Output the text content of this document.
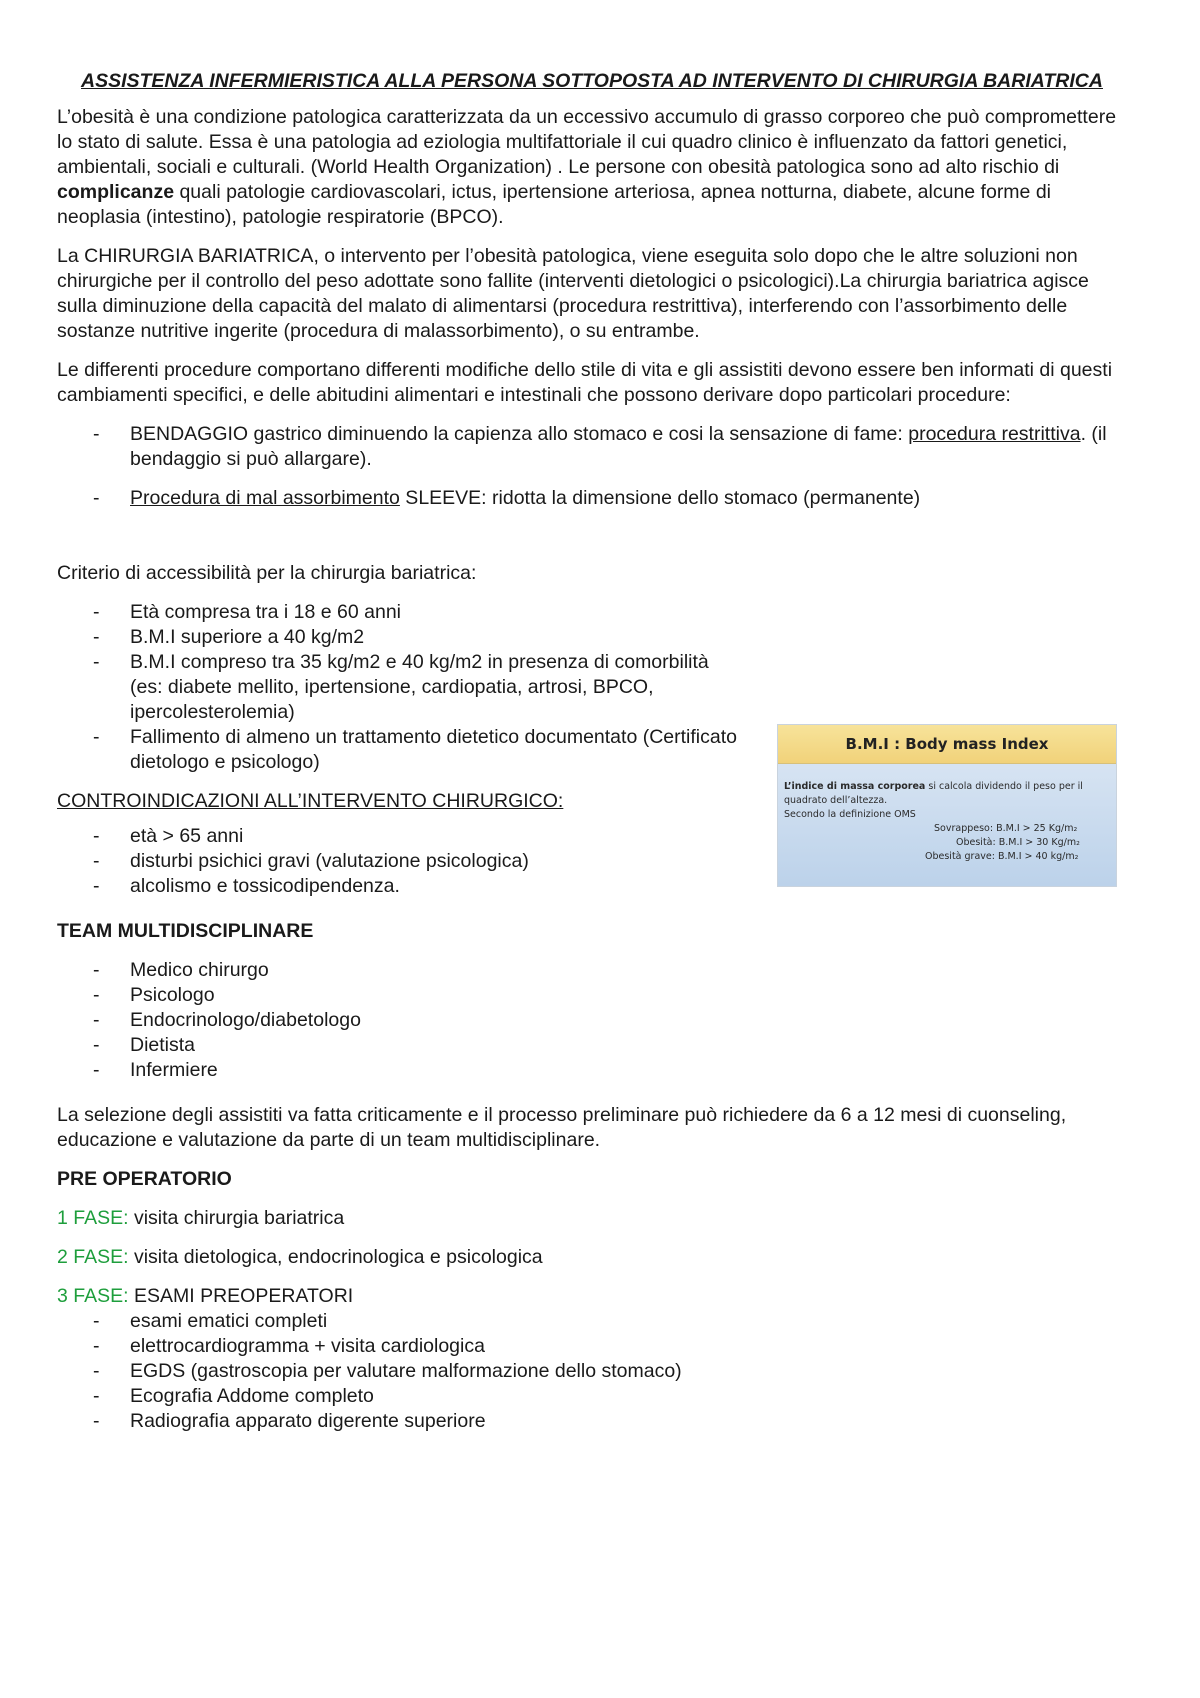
ASSISTENZA INFERMIERISTICA ALLA PERSONA SOTTOPOSTA AD INTERVENTO DI CHIRURGIA BARIATRICA

L’obesità è una condizione patologica caratterizzata da un eccessivo accumulo di grasso corporeo che può compromettere lo stato di salute. Essa è una patologia ad eziologia multifattoriale il cui quadro clinico è influenzato da fattori genetici, ambientali, sociali e culturali. (World Health Organization) . Le persone con obesità patologica sono ad alto rischio di complicanze quali patologie cardiovascolari, ictus, ipertensione arteriosa, apnea notturna, diabete, alcune forme di neoplasia (intestino), patologie respiratorie (BPCO).

La CHIRURGIA BARIATRICA, o intervento per l’obesità patologica, viene eseguita solo dopo che le altre soluzioni non chirurgiche per il controllo del peso adottate sono fallite (interventi dietologici o psicologici).La chirurgia bariatrica agisce sulla diminuzione della capacità del malato di alimentarsi (procedura restrittiva), interferendo con l’assorbimento delle sostanze nutritive ingerite (procedura di malassorbimento), o su entrambe.

Le differenti procedure comportano differenti modifiche dello stile di vita e gli assistiti devono essere ben informati di questi cambiamenti specifici, e delle abitudini alimentari e intestinali che possono derivare dopo particolari procedure:

- BENDAGGIO gastrico diminuendo la capienza allo stomaco e cosi la sensazione di fame: procedura restrittiva. (il bendaggio si può allargare).
- Procedura di mal assorbimento SLEEVE: ridotta la dimensione dello stomaco (permanente)

Criterio di accessibilità per la chirurgia bariatrica:

- Età compresa tra i 18 e 60 anni
- B.M.I superiore a 40 kg/m2
- B.M.I compreso tra 35 kg/m2 e 40 kg/m2 in presenza di comorbilità (es: diabete mellito, ipertensione, cardiopatia, artrosi, BPCO, ipercolesterolemia)
- Fallimento di almeno un trattamento dietetico documentato (Certificato dietologo e psicologo)

CONTROINDICAZIONI ALL’INTERVENTO CHIRURGICO:

- età > 65 anni
- disturbi psichici gravi (valutazione psicologica)
- alcolismo e tossicodipendenza.
TEAM MULTIDISCIPLINARE
- Medico chirurgo
- Psicologo
- Endocrinologo/diabetologo
- Dietista
- Infermiere

La selezione degli assistiti va fatta criticamente e il processo preliminare può richiedere da 6 a 12 mesi di cuonseling, educazione e valutazione da parte di un team multidisciplinare.

PRE OPERATORIO

1 FASE: visita chirurgia bariatrica

2 FASE: visita dietologica, endocrinologica e psicologica

3 FASE: ESAMI PREOPERATORI

- esami ematici completi
- elettrocardiogramma + visita cardiologica
- EGDS (gastroscopia per valutare malformazione dello stomaco)
- Ecografia Addome completo
- Radiografia apparato digerente superiore
B.M.I : Body mass Index
L’indice di massa corporea si calcola dividendo il peso per il quadrato dell’altezza.
Secondo la definizione OMS
Sovrappeso: B.M.I > 25 Kg/m₂
Obesità: B.M.I > 30 Kg/m₂
Obesità grave: B.M.I > 40 kg/m₂
